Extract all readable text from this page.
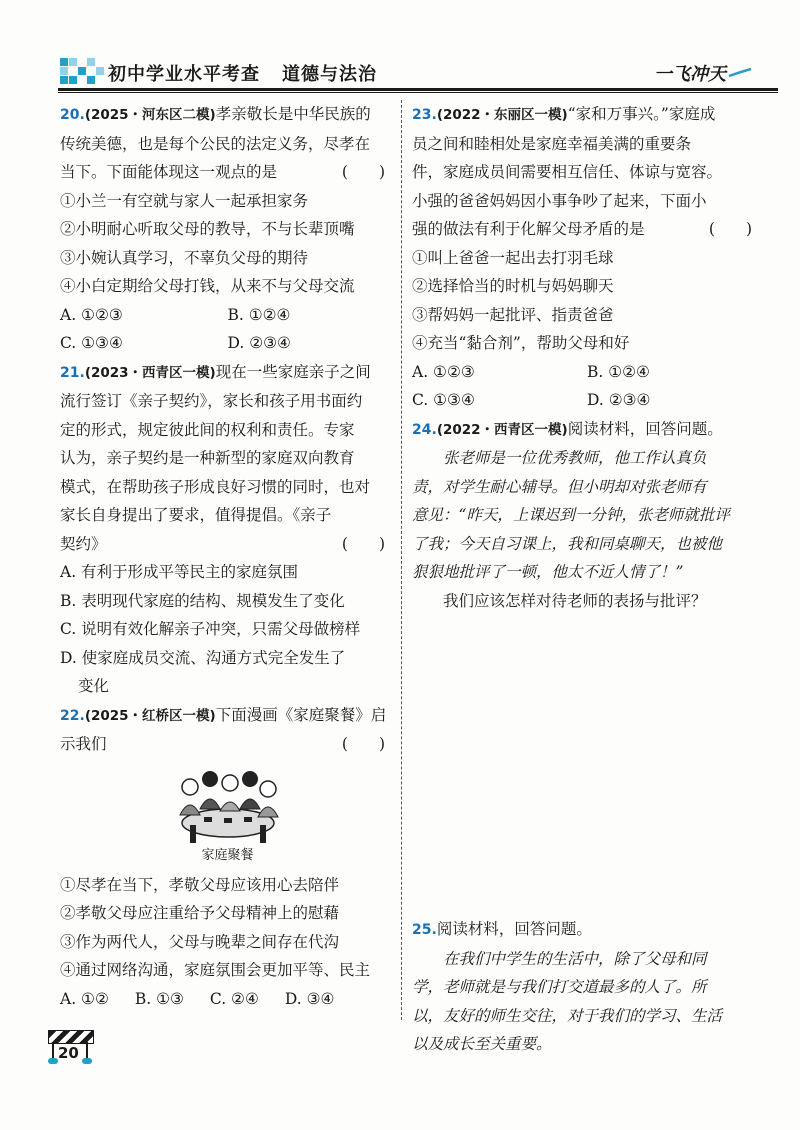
初中学业水平考查 道德与法治	一飞冲天

20.(2025・河东区二模)孝亲敬长是中华民族的

传统美德，也是每个公民的法定义务，尽孝在

当下。下面能体现这一观点的是	(　　)

①小兰一有空就与家人一起承担家务

②小明耐心听取父母的教导，不与长辈顶嘴

③小婉认真学习，不辜负父母的期待

④小白定期给父母打钱，从来不与父母交流

A. ①②③	B. ①②④

C. ①③④	D. ②③④

21.(2023・西青区一模)现在一些家庭亲子之间

流行签订《亲子契约》，家长和孩子用书面约

定的形式，规定彼此间的权利和责任。专家

认为，亲子契约是一种新型的家庭双向教育

模式，在帮助孩子形成良好习惯的同时，也对

家长自身提出了要求，值得提倡。《亲子

契约》	(　　)

A. 有利于形成平等民主的家庭氛围

B. 表明现代家庭的结构、规模发生了变化

C. 说明有效化解亲子冲突，只需父母做榜样

D. 使家庭成员交流、沟通方式完全发生了

变化

22.(2025・红桥区一模)下面漫画《家庭聚餐》启

示我们	(　　)

家庭聚餐

①尽孝在当下，孝敬父母应该用心去陪伴

②孝敬父母应注重给予父母精神上的慰藉

③作为两代人，父母与晚辈之间存在代沟

④通过网络沟通，家庭氛围会更加平等、民主

A. ①② B. ①③ C. ②④ D. ③④

23.(2022・东丽区一模)“家和万事兴。”家庭成

员之间和睦相处是家庭幸福美满的重要条

件，家庭成员间需要相互信任、体谅与宽容。

小强的爸爸妈妈因小事争吵了起来，下面小

强的做法有利于化解父母矛盾的是	(　　)

①叫上爸爸一起出去打羽毛球

②选择恰当的时机与妈妈聊天

③帮妈妈一起批评、指责爸爸

④充当“黏合剂”，帮助父母和好

A. ①②③	B. ①②④

C. ①③④	D. ②③④

24.(2022・西青区一模)阅读材料，回答问题。

张老师是一位优秀教师，他工作认真负

责，对学生耐心辅导。但小明却对张老师有

意见：“昨天，上课迟到一分钟，张老师就批评

了我；今天自习课上，我和同桌聊天，也被他

狠狠地批评了一顿，他太不近人情了！”

我们应该怎样对待老师的表扬与批评？

25.阅读材料，回答问题。

在我们中学生的生活中，除了父母和同

学，老师就是与我们打交道最多的人了。所

以，友好的师生交往，对于我们的学习、生活

以及成长至关重要。

20
